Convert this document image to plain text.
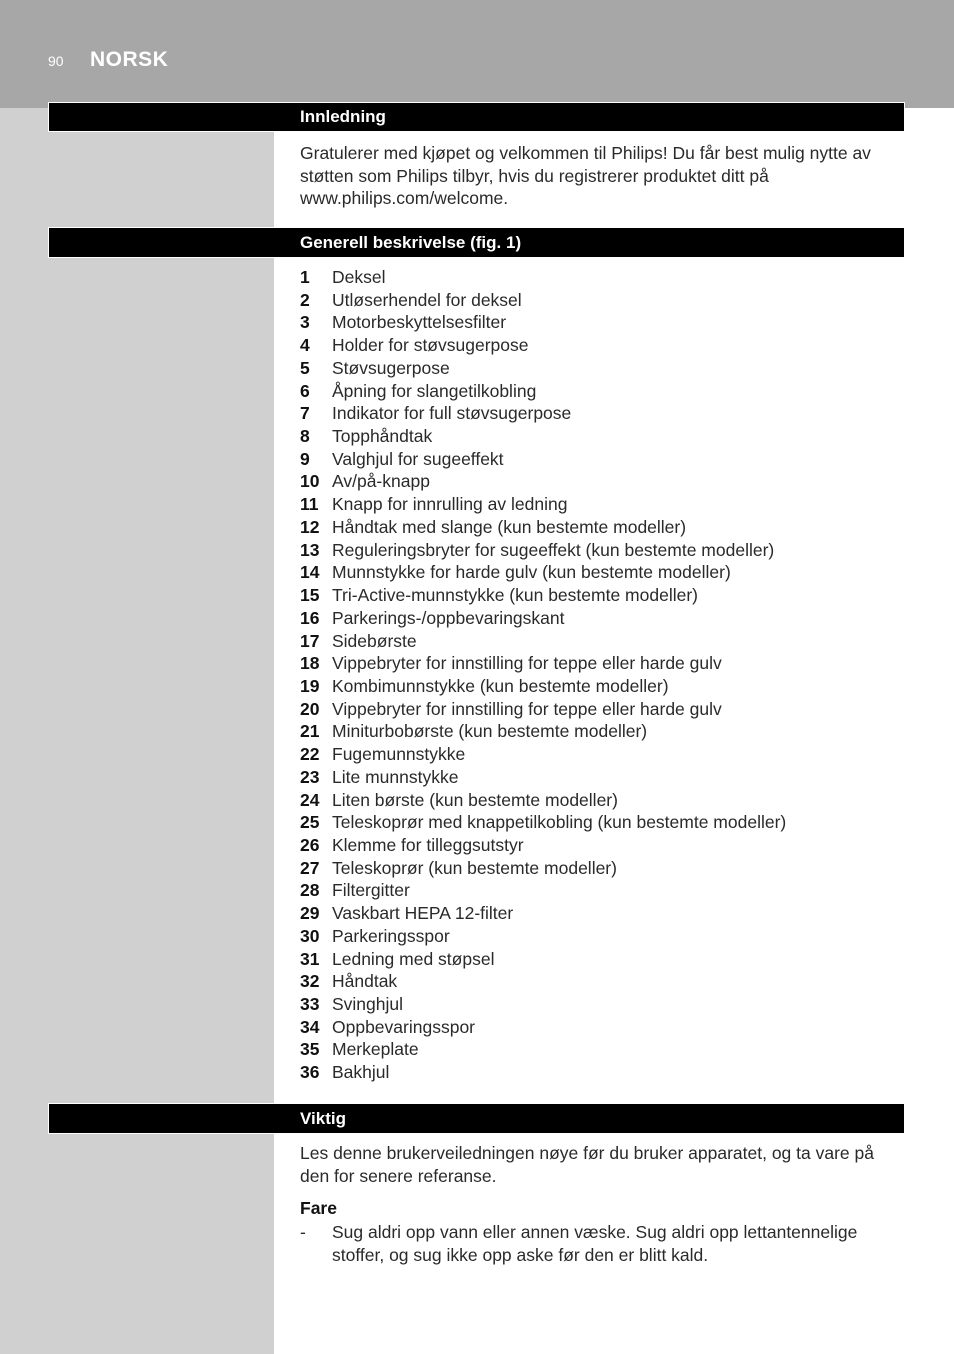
90 NORSK
Innledning

Gratulerer med kjøpet og velkommen til Philips! Du får best mulig nytte av støtten som Philips tilbyr, hvis du registrerer produktet ditt på www.philips.com/welcome.

Generell beskrivelse (fig. 1)
1 Deksel
2 Utløserhendel for deksel
3 Motorbeskyttelsesfilter
4 Holder for støvsugerpose
5 Støvsugerpose
6 Åpning for slangetilkobling
7 Indikator for full støvsugerpose
8 Topphåndtak
9 Valghjul for sugeeffekt
10 Av/på-knapp
11 Knapp for innrulling av ledning
12 Håndtak med slange (kun bestemte modeller)
13 Reguleringsbryter for sugeeffekt (kun bestemte modeller)
14 Munnstykke for harde gulv (kun bestemte modeller)
15 Tri-Active-munnstykke (kun bestemte modeller)
16 Parkerings-/oppbevaringskant
17 Sidebørste
18 Vippebryter for innstilling for teppe eller harde gulv
19 Kombimunnstykke (kun bestemte modeller)
20 Vippebryter for innstilling for teppe eller harde gulv
21 Miniturbobørste (kun bestemte modeller)
22 Fugemunnstykke
23 Lite munnstykke
24 Liten børste (kun bestemte modeller)
25 Teleskoprør med knappetilkobling (kun bestemte modeller)
26 Klemme for tilleggsutstyr
27 Teleskoprør (kun bestemte modeller)
28 Filtergitter
29 Vaskbart HEPA 12-filter
30 Parkeringsspor
31 Ledning med støpsel
32 Håndtak
33 Svinghjul
34 Oppbevaringsspor
35 Merkeplate
36 Bakhjul
Viktig

Les denne brukerveiledningen nøye før du bruker apparatet, og ta vare på den for senere referanse.

Fare
- Sug aldri opp vann eller annen væske. Sug aldri opp lettantennelige stoffer, og sug ikke opp aske før den er blitt kald.
